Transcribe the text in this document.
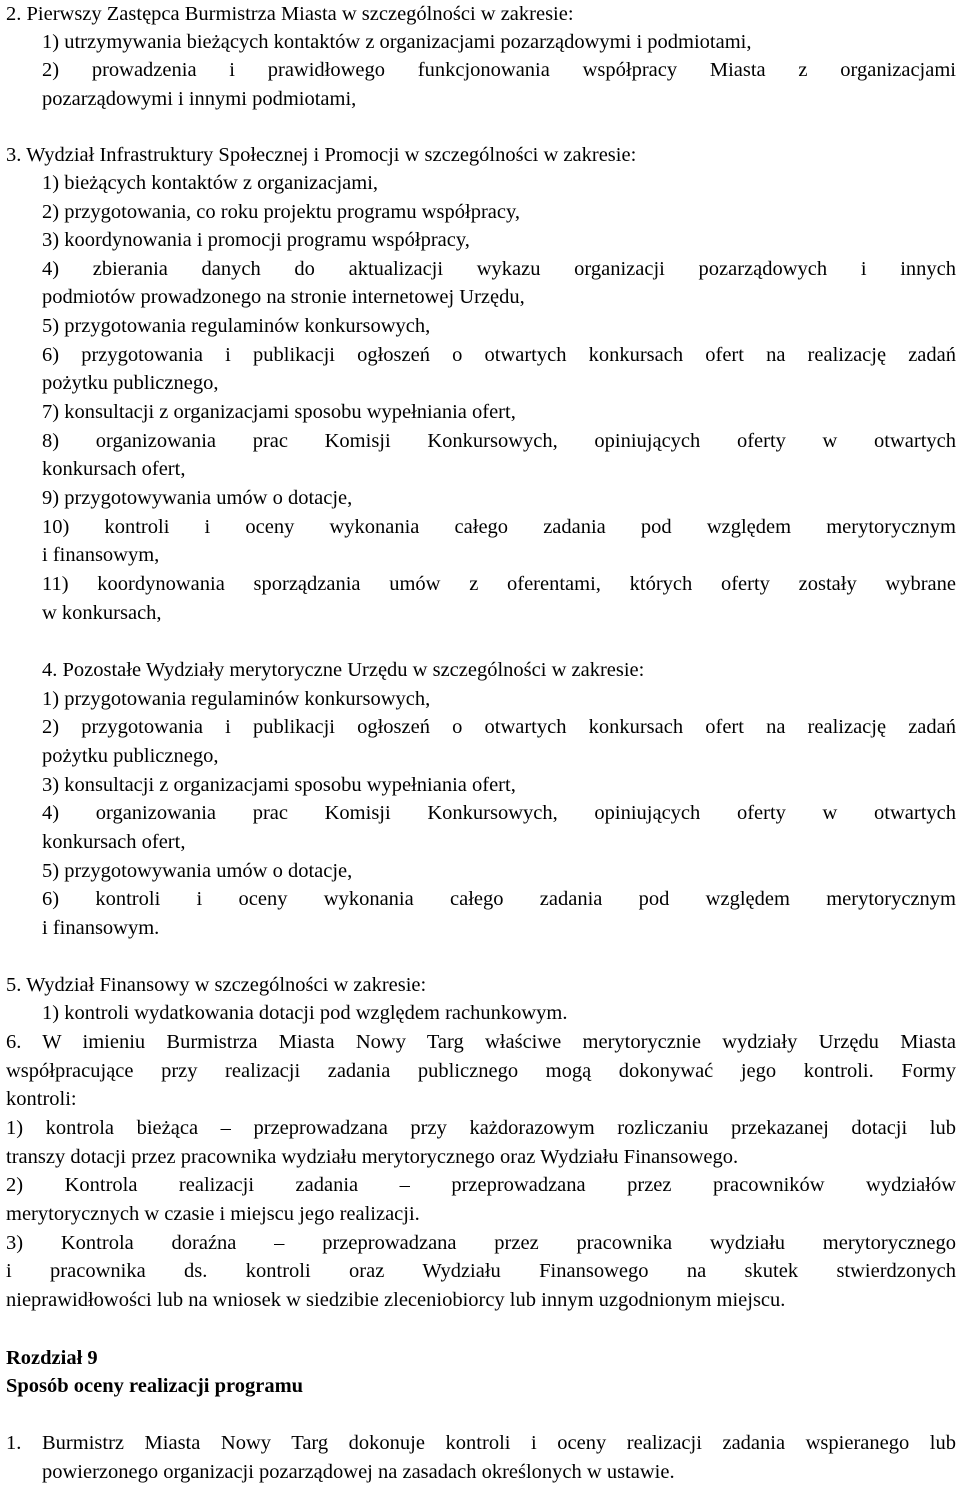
2. Pierwszy Zastępca Burmistrza Miasta w szczególności w zakresie:
1) utrzymywania bieżących kontaktów z organizacjami pozarządowymi i podmiotami,
2) prowadzenia i prawidłowego funkcjonowania współpracy Miasta z organizacjami
pozarządowymi i innymi podmiotami,
3. Wydział Infrastruktury Społecznej i Promocji w szczególności w zakresie:
1) bieżących kontaktów z organizacjami,
2) przygotowania, co roku projektu programu współpracy,
3) koordynowania i promocji programu współpracy,
4) zbierania danych do aktualizacji wykazu organizacji pozarządowych i innych
podmiotów prowadzonego na stronie internetowej Urzędu,
5) przygotowania regulaminów konkursowych,
6) przygotowania i publikacji ogłoszeń o otwartych konkursach ofert na realizację zadań
pożytku publicznego,
7) konsultacji z organizacjami sposobu wypełniania ofert,
8) organizowania prac Komisji Konkursowych, opiniujących oferty w otwartych
konkursach ofert,
9) przygotowywania umów o dotacje,
10) kontroli i oceny wykonania całego zadania pod względem merytorycznym
i finansowym,
11) koordynowania sporządzania umów z oferentami, których oferty zostały wybrane
w konkursach,
4. Pozostałe Wydziały merytoryczne Urzędu w szczególności w zakresie:
1) przygotowania regulaminów konkursowych,
2) przygotowania i publikacji ogłoszeń o otwartych konkursach ofert na realizację zadań
pożytku publicznego,
3) konsultacji z organizacjami sposobu wypełniania ofert,
4) organizowania prac Komisji Konkursowych, opiniujących oferty w otwartych
konkursach ofert,
5) przygotowywania umów o dotacje,
6) kontroli i oceny wykonania całego zadania pod względem merytorycznym
i finansowym.
5. Wydział Finansowy w szczególności w zakresie:
1) kontroli wydatkowania dotacji pod względem rachunkowym.
6. W imieniu Burmistrza Miasta Nowy Targ właściwe merytorycznie wydziały Urzędu Miasta
współpracujące przy realizacji zadania publicznego mogą dokonywać jego kontroli. Formy
kontroli:
1) kontrola bieżąca – przeprowadzana przy każdorazowym rozliczaniu przekazanej dotacji lub
transzy dotacji przez pracownika wydziału merytorycznego oraz Wydziału Finansowego.
2) Kontrola realizacji zadania – przeprowadzana przez pracowników wydziałów
merytorycznych w czasie i miejscu jego realizacji.
3) Kontrola doraźna – przeprowadzana przez pracownika wydziału merytorycznego
i pracownika ds. kontroli oraz Wydziału Finansowego na skutek stwierdzonych
nieprawidłowości lub na wniosek w siedzibie zleceniobiorcy lub innym uzgodnionym miejscu.
Rozdział 9
Sposób oceny realizacji programu
1. Burmistrz Miasta Nowy Targ dokonuje kontroli i oceny realizacji zadania wspieranego lub
powierzonego organizacji pozarządowej na zasadach określonych w ustawie.
